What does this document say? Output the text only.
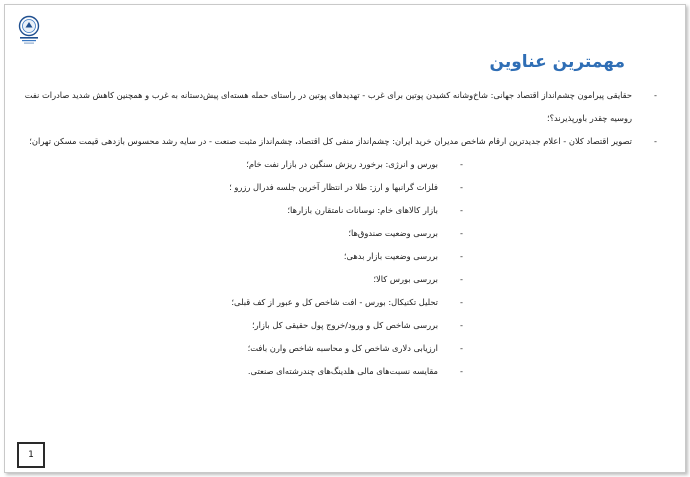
مهمترین عناوین
-
حقایقی پیرامون چشم‌انداز اقتصاد جهانی: شاخ‌وشانه کشیدن پوتین برای غرب - تهدیدهای پوتین در راستای حمله هسته‌ای پیش‌دستانه به غرب و همچنین کاهش شدید صادرات نفت روسیه چقدر باورپذیرند؟؛
-
تصویر اقتصاد کلان - اعلام جدیدترین ارقام شاخص مدیران خرید ایران: چشم‌انداز منفی کل اقتصاد، چشم‌انداز مثبت صنعت - در سایه رشد محسوس بازدهی قیمت مسکن تهران؛
-
بورس و انرژی: برخورد ریزش سنگین در بازار نفت خام؛
-
فلزات گرانبها و ارز: طلا در انتظار آخرین جلسه فدرال رزرو ؛
-
بازار کالاهای خام: نوسانات نامتقارن بازارها؛
-
بررسی وضعیت صندوق‌ها؛
-
بررسی وضعیت بازار بدهی؛
-
بررسی بورس کالا؛
-
تحلیل تکنیکال: بورس - افت شاخص کل و عبور از کف قبلی؛
-
بررسی شاخص کل و ورود/خروج پول حقیقی کل بازار؛
-
ارزیابی دلاری شاخص کل و محاسبه شاخص وارن بافت؛
-
مقایسه نسبت‌های مالی هلدینگ‌های چندرشته‌ای صنعتی.
1
